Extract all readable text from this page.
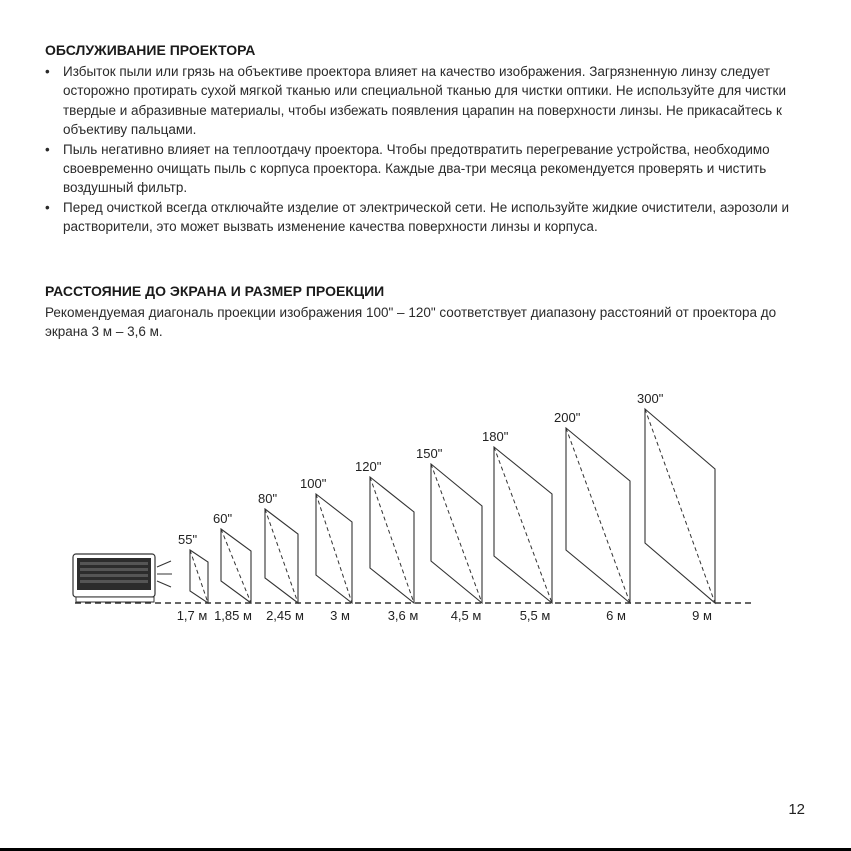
ОБСЛУЖИВАНИЕ ПРОЕКТОРА
• Избыток пыли или грязь на объективе проектора влияет на качество изображения. Загрязненную линзу следует осторожно протирать сухой мягкой тканью или специальной тканью для чистки оптики. Не используйте для чистки твердые и абразивные материалы, чтобы избежать появления царапин на поверхности линзы. Не прикасайтесь к объективу пальцами.
• Пыль негативно влияет на теплоотдачу проектора. Чтобы предотвратить перегревание устройства, необходимо своевременно очищать пыль с корпуса проектора. Каждые два-три месяца рекомендуется проверять и чистить воздушный фильтр.
• Перед очисткой всегда отключайте изделие от электрической сети. Не используйте жидкие очистители, аэрозоли и растворители, это может вызвать изменение качества поверхности линзы и корпуса.
РАССТОЯНИЕ ДО ЭКРАНА И РАЗМЕР ПРОЕКЦИИ

Рекомендуемая диагональ проекции изображения 100" – 120" соответствует диапазону расстояний от проектора до экрана 3 м – 3,6 м.

55"
1,7 м
60"
1,85 м
80"
2,45 м
100"
3 м
120"
3,6 м
150"
4,5 м
180"
5,5 м
200"
6 м
300"
9 м
12
